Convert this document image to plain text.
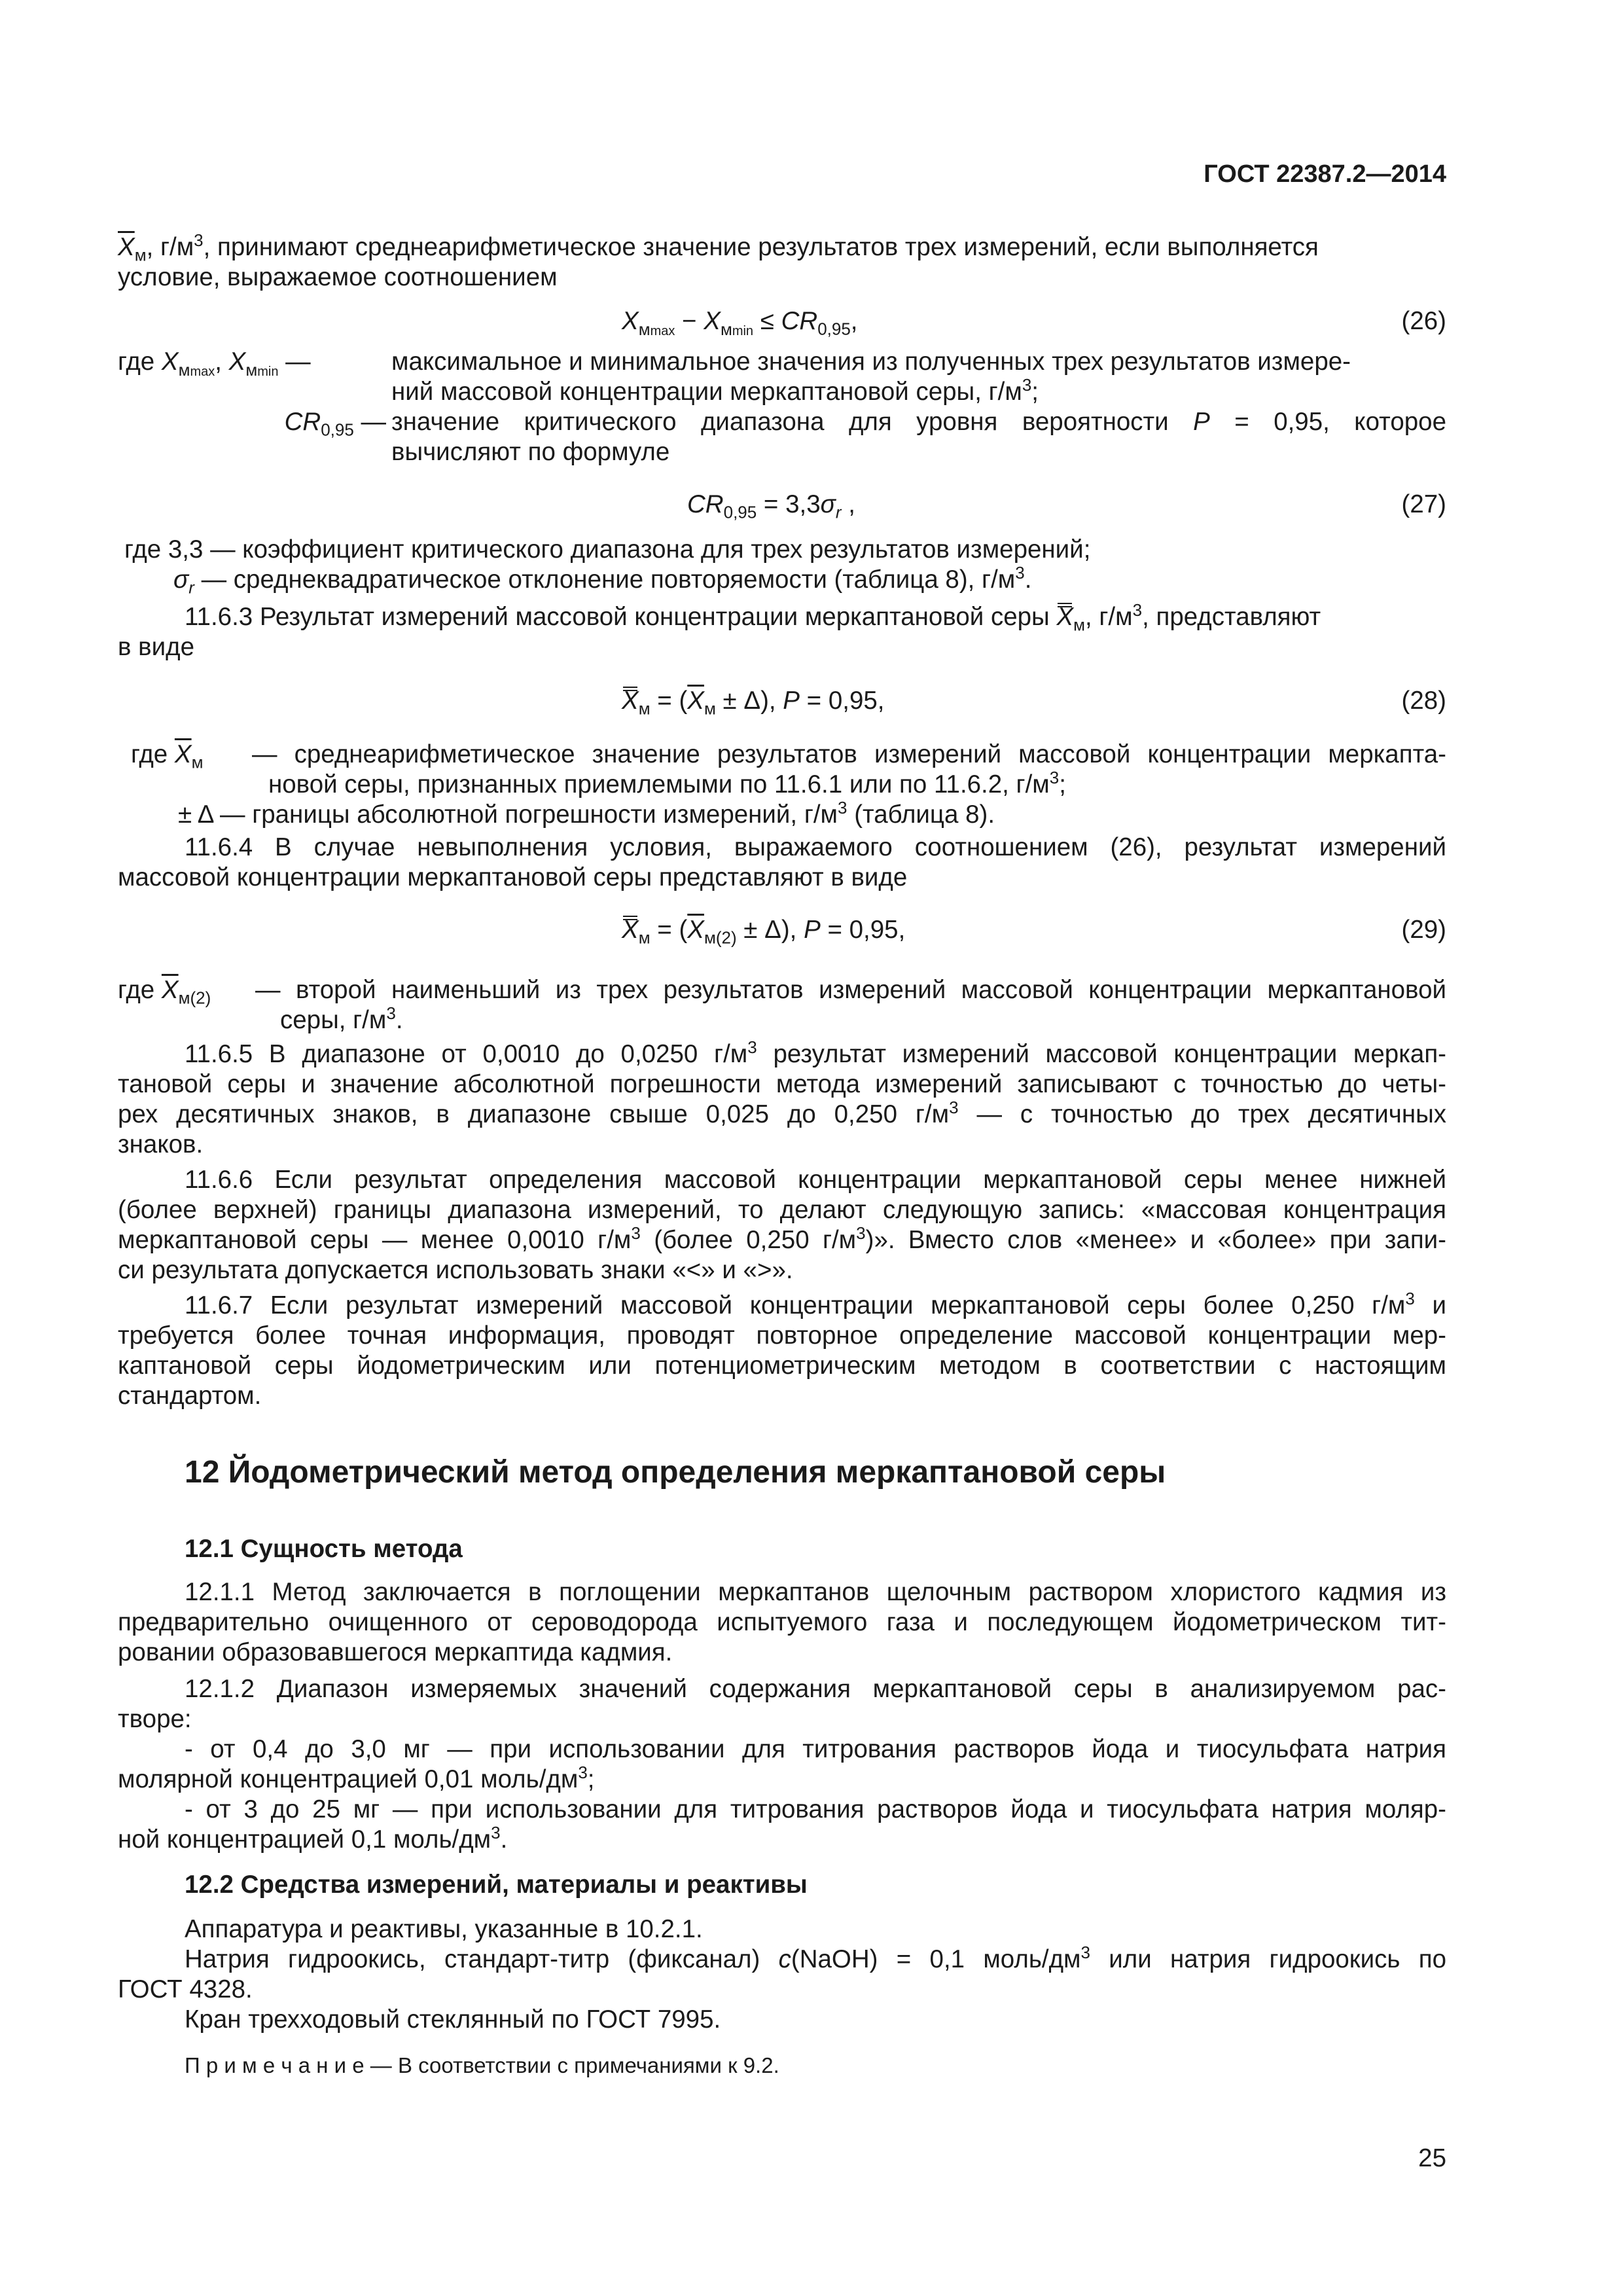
ГОСТ 22387.2—2014
$\overline{X}_м$, $г/м^3$, принимают среднеарифметическое значение результатов трех измерений, если выполняется
условие, выражаемое соотношением
$X_{мmax} - X_{мmin} \le CR_{0,95}$,	(26)
где $X_{мmax}$, $X_{мmin}$ —	максимальное и минимальное значения из полученных трех результатов измере-
ний массовой концентрации меркаптановой серы, $г/м^3$;
$CR_{0,95}$ — значение критического диапазона для уровня вероятности P = 0,95, которое
вычисляют по формуле
$CR_{0,95} = 3,3\sigma_r$ ,	(27)
где 3,3 — коэффициент критического диапазона для трех результатов измерений;
$\sigma_r$ — среднеквадратическое отклонение повторяемости (таблица 8), $г/м^3$.
11.6.3 Результат измерений массовой концентрации меркаптановой серы $X_м$, $г/м^3$, представляют
в виде
$X_м = (\overline{X}_м \pm \Delta)$, P = 0,95,	(28)
где $\overline{X}_м$ — среднеарифметическое значение результатов измерений массовой концентрации меркапта-
новой серы, признанных приемлемыми по 11.6.1 или по 11.6.2, $г/м^3$;
± Δ — границы абсолютной погрешности измерений, $г/м^3$ (таблица 8).
11.6.4 В случае невыполнения условия, выражаемого соотношением (26), результат измерений
массовой концентрации меркаптановой серы представляют в виде
$X_м = (\overline{X}_{м(2)} \pm \Delta)$, P = 0,95,	(29)
где $\overline{X}_{м(2)}$ — второй наименьший из трех результатов измерений массовой концентрации меркаптановой
серы, $г/м^3$.
11.6.5 В диапазоне от 0,0010 до 0,0250 $г/м^3$ результат измерений массовой концентрации меркап-
тановой серы и значение абсолютной погрешности метода измерений записывают с точностью до четы-
рех десятичных знаков, в диапазоне свыше 0,025 до 0,250 $г/м^3$ — с точностью до трех десятичных
знаков.
11.6.6 Если результат определения массовой концентрации меркаптановой серы менее нижней
(более верхней) границы диапазона измерений, то делают следующую запись: «массовая концентрация
меркаптановой серы — менее 0,0010 $г/м^3$ (более 0,250 $г/м^3$)». Вместо слов «менее» и «более» при запи-
си результата допускается использовать знаки «<» и «>».
11.6.7 Если результат измерений массовой концентрации меркаптановой серы более 0,250 $г/м^3$ и
требуется более точная информация, проводят повторное определение массовой концентрации мер-
каптановой серы йодометрическим или потенциометрическим методом в соответствии с настоящим
стандартом.
12 Йодометрический метод определения меркаптановой серы
12.1 Сущность метода
12.1.1 Метод заключается в поглощении меркаптанов щелочным раствором хлористого кадмия из
предварительно очищенного от сероводорода испытуемого газа и последующем йодометрическом тит-
ровании образовавшегося меркаптида кадмия.
12.1.2 Диапазон измеряемых значений содержания меркаптановой серы в анализируемом рас-
творе:
- от 0,4 до 3,0 мг — при использовании для титрования растворов йода и тиосульфата натрия
молярной концентрацией 0,01 моль/$дм^3$;
- от 3 до 25 мг — при использовании для титрования растворов йода и тиосульфата натрия моляр-
ной концентрацией 0,1 моль/$дм^3$.
12.2 Средства измерений, материалы и реактивы
Аппаратура и реактивы, указанные в 10.2.1.
Натрия гидроокись, стандарт-титр (фиксанал) c(NaOH) = 0,1 моль/$дм^3$ или натрия гидроокись по
ГОСТ 4328.
Кран трехходовый стеклянный по ГОСТ 7995.
П р и м е ч а н и е — В соответствии с примечаниями к 9.2.
25
